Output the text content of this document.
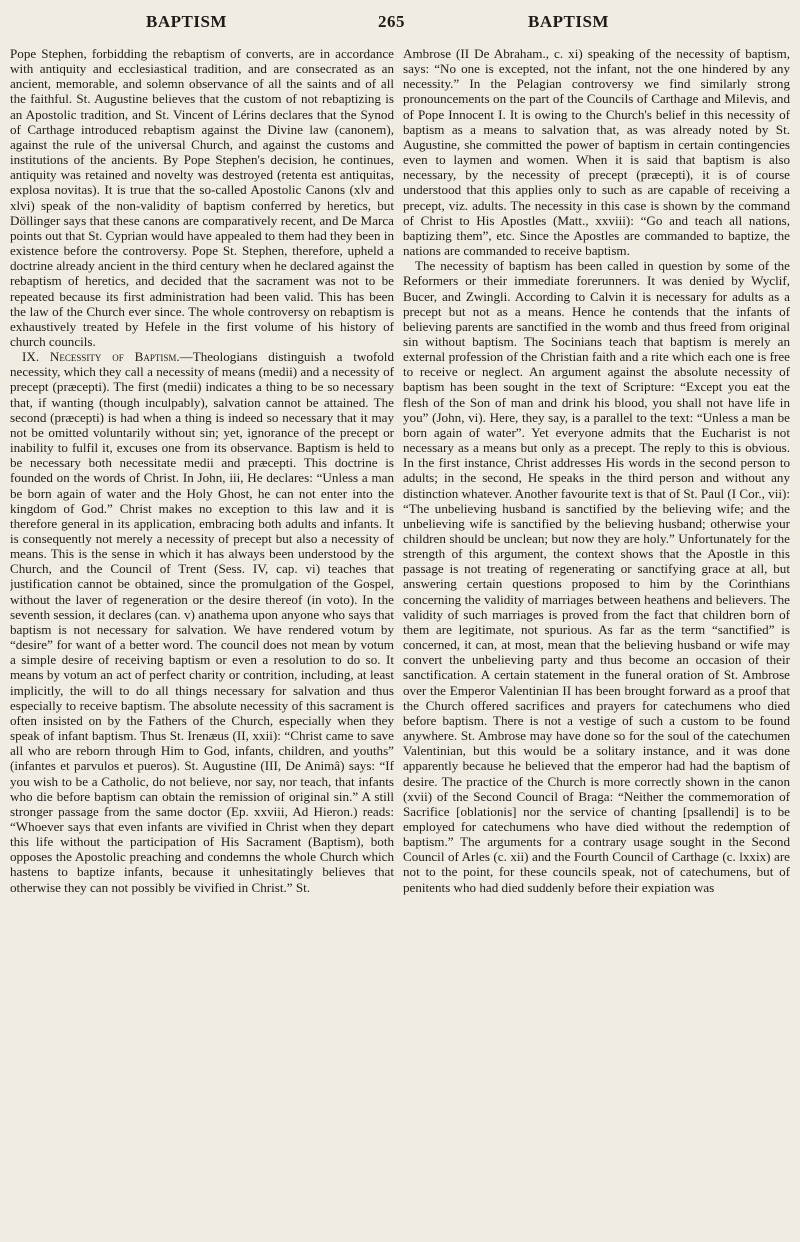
BAPTISM	265	BAPTISM

Pope Stephen, forbidding the rebaptism of converts, are in accordance with antiquity and ecclesiastical tradition, and are consecrated as an ancient, memorable, and solemn observance of all the saints and of all the faithful. St. Augustine believes that the custom of not rebaptizing is an Apostolic tradition, and St. Vincent of Lérins declares that the Synod of Carthage introduced rebaptism against the Divine law (canonem), against the rule of the universal Church, and against the customs and institutions of the ancients. By Pope Stephen's decision, he continues, antiquity was retained and novelty was destroyed (retenta est antiquitas, explosa novitas). It is true that the so-called Apostolic Canons (xlv and xlvi) speak of the non-validity of baptism conferred by heretics, but Döllinger says that these canons are comparatively recent, and De Marca points out that St. Cyprian would have appealed to them had they been in existence before the controversy. Pope St. Stephen, therefore, upheld a doctrine already ancient in the third century when he declared against the rebaptism of heretics, and decided that the sacrament was not to be repeated because its first administration had been valid. This has been the law of the Church ever since. The whole controversy on rebaptism is exhaustively treated by Hefele in the first volume of his history of church councils.

IX. Necessity of Baptism.—Theologians distinguish a twofold necessity, which they call a necessity of means (medii) and a necessity of precept (præcepti). The first (medii) indicates a thing to be so necessary that, if wanting (though inculpably), salvation cannot be attained. The second (præcepti) is had when a thing is indeed so necessary that it may not be omitted voluntarily without sin; yet, ignorance of the precept or inability to fulfil it, excuses one from its observance. Baptism is held to be necessary both necessitate medii and præcepti. This doctrine is founded on the words of Christ. In John, iii, He declares: “Unless a man be born again of water and the Holy Ghost, he can not enter into the kingdom of God.” Christ makes no exception to this law and it is therefore general in its application, embracing both adults and infants. It is consequently not merely a necessity of precept but also a necessity of means. This is the sense in which it has always been understood by the Church, and the Council of Trent (Sess. IV, cap. vi) teaches that justification cannot be obtained, since the promulgation of the Gospel, without the laver of regeneration or the desire thereof (in voto). In the seventh session, it declares (can. v) anathema upon anyone who says that baptism is not necessary for salvation. We have rendered votum by “desire” for want of a better word. The council does not mean by votum a simple desire of receiving baptism or even a resolution to do so. It means by votum an act of perfect charity or contrition, including, at least implicitly, the will to do all things necessary for salvation and thus especially to receive baptism. The absolute necessity of this sacrament is often insisted on by the Fathers of the Church, especially when they speak of infant baptism. Thus St. Irenæus (II, xxii): “Christ came to save all who are reborn through Him to God, infants, children, and youths” (infantes et parvulos et pueros). St. Augustine (III, De Animâ) says: “If you wish to be a Catholic, do not believe, nor say, nor teach, that infants who die before baptism can obtain the remission of original sin.” A still stronger passage from the same doctor (Ep. xxviii, Ad Hieron.) reads: “Whoever says that even infants are vivified in Christ when they depart this life without the participation of His Sacrament (Baptism), both opposes the Apostolic preaching and condemns the whole Church which hastens to baptize infants, because it unhesitatingly believes that otherwise they can not possibly be vivified in Christ.” St.

Ambrose (II De Abraham., c. xi) speaking of the necessity of baptism, says: “No one is excepted, not the infant, not the one hindered by any necessity.” In the Pelagian controversy we find similarly strong pronouncements on the part of the Councils of Carthage and Milevis, and of Pope Innocent I. It is owing to the Church's belief in this necessity of baptism as a means to salvation that, as was already noted by St. Augustine, she committed the power of baptism in certain contingencies even to laymen and women. When it is said that baptism is also necessary, by the necessity of precept (præcepti), it is of course understood that this applies only to such as are capable of receiving a precept, viz. adults. The necessity in this case is shown by the command of Christ to His Apostles (Matt., xxviii): “Go and teach all nations, baptizing them”, etc. Since the Apostles are commanded to baptize, the nations are commanded to receive baptism.

The necessity of baptism has been called in question by some of the Reformers or their immediate forerunners. It was denied by Wyclif, Bucer, and Zwingli. According to Calvin it is necessary for adults as a precept but not as a means. Hence he contends that the infants of believing parents are sanctified in the womb and thus freed from original sin without baptism. The Socinians teach that baptism is merely an external profession of the Christian faith and a rite which each one is free to receive or neglect. An argument against the absolute necessity of baptism has been sought in the text of Scripture: “Except you eat the flesh of the Son of man and drink his blood, you shall not have life in you” (John, vi). Here, they say, is a parallel to the text: “Unless a man be born again of water”. Yet everyone admits that the Eucharist is not necessary as a means but only as a precept. The reply to this is obvious. In the first instance, Christ addresses His words in the second person to adults; in the second, He speaks in the third person and without any distinction whatever. Another favourite text is that of St. Paul (I Cor., vii): “The unbelieving husband is sanctified by the believing wife; and the unbelieving wife is sanctified by the believing husband; otherwise your children should be unclean; but now they are holy.” Unfortunately for the strength of this argument, the context shows that the Apostle in this passage is not treating of regenerating or sanctifying grace at all, but answering certain questions proposed to him by the Corinthians concerning the validity of marriages between heathens and believers. The validity of such marriages is proved from the fact that children born of them are legitimate, not spurious. As far as the term “sanctified” is concerned, it can, at most, mean that the believing husband or wife may convert the unbelieving party and thus become an occasion of their sanctification. A certain statement in the funeral oration of St. Ambrose over the Emperor Valentinian II has been brought forward as a proof that the Church offered sacrifices and prayers for catechumens who died before baptism. There is not a vestige of such a custom to be found anywhere. St. Ambrose may have done so for the soul of the catechumen Valentinian, but this would be a solitary instance, and it was done apparently because he believed that the emperor had had the baptism of desire. The practice of the Church is more correctly shown in the canon (xvii) of the Second Council of Braga: “Neither the commemoration of Sacrifice [oblationis] nor the service of chanting [psallendi] is to be employed for catechumens who have died without the redemption of baptism.” The arguments for a contrary usage sought in the Second Council of Arles (c. xii) and the Fourth Council of Carthage (c. lxxix) are not to the point, for these councils speak, not of catechumens, but of penitents who had died suddenly before their expiation was
